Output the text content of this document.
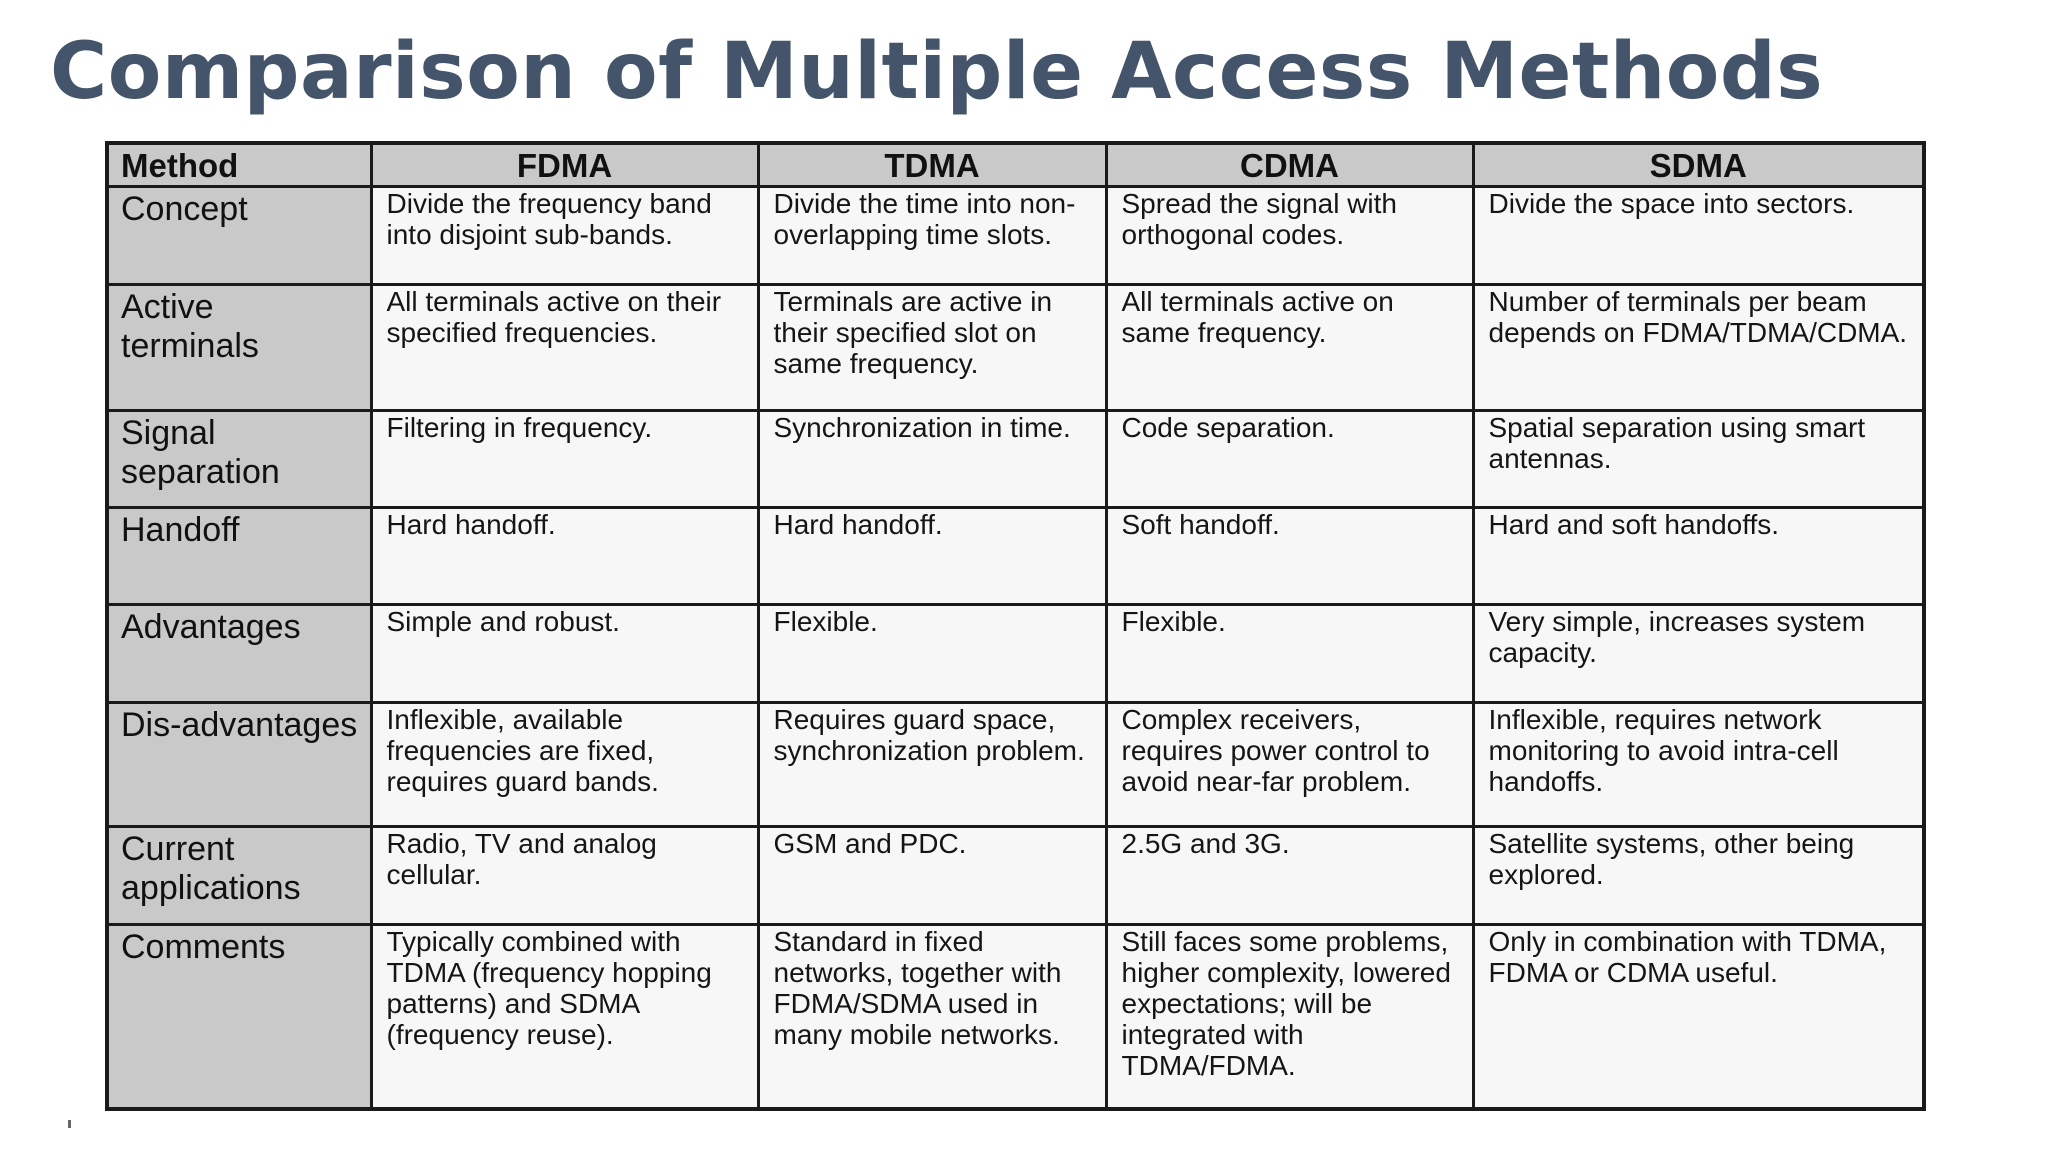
Comparison of Multiple Access Methods
Method	FDMA	TDMA	CDMA	SDMA
Concept	Divide the frequency band into disjoint sub-bands.	Divide the time into non-overlapping time slots.	Spread the signal with orthogonal codes.	Divide the space into sectors.
Active terminals	All terminals active on their specified frequencies.	Terminals are active in their specified slot on same frequency.	All terminals active on same frequency.	Number of terminals per beam depends on FDMA/TDMA/CDMA.
Signal separation	Filtering in frequency.	Synchronization in time.	Code separation.	Spatial separation using smart antennas.
Handoff	Hard handoff.	Hard handoff.	Soft handoff.	Hard and soft handoffs.
Advantages	Simple and robust.	Flexible.	Flexible.	Very simple, increases system capacity.
Dis-advantages	Inflexible, available frequencies are fixed, requires guard bands.	Requires guard space, synchronization problem.	Complex receivers, requires power control to avoid near-far problem.	Inflexible, requires network monitoring to avoid intra-cell handoffs.
Current applications	Radio, TV and analog cellular.	GSM and PDC.	2.5G and 3G.	Satellite systems, other being explored.
Comments	Typically combined with TDMA (frequency hopping patterns) and SDMA (frequency reuse).	Standard in fixed networks, together with FDMA/SDMA used in many mobile networks.	Still faces some problems, higher complexity, lowered expectations; will be integrated with TDMA/FDMA.	Only in combination with TDMA, FDMA or CDMA useful.
